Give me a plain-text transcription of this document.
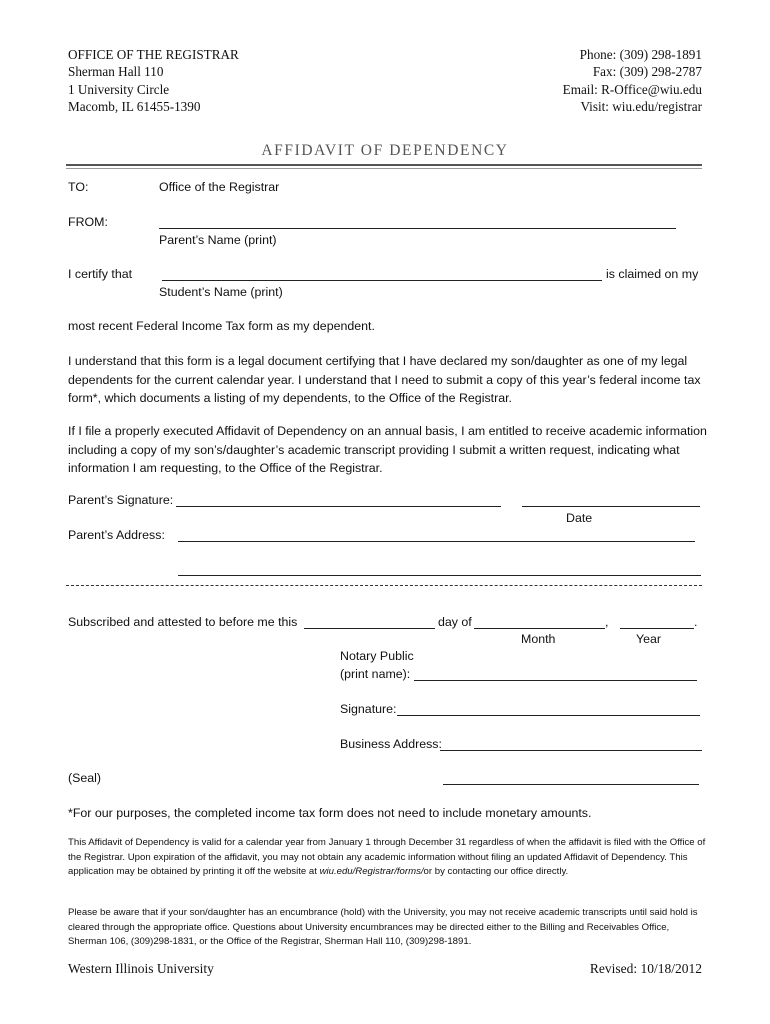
OFFICE OF THE REGISTRAR
Sherman Hall 110
1 University Circle
Macomb, IL 61455-1390
Phone: (309) 298-1891
Fax: (309) 298-2787
Email: R-Office@wiu.edu
Visit: wiu.edu/registrar
AFFIDAVIT OF DEPENDENCY
TO:	Office of the Registrar
FROM:
Parent’s Name (print)
I certify that	is claimed on my
Student’s Name (print)
most recent Federal Income Tax form as my dependent.
I understand that this form is a legal document certifying that I have declared my son/daughter as one of my legal dependents for the current calendar year. I understand that I need to submit a copy of this year’s federal income tax form*, which documents a listing of my dependents, to the Office of the Registrar.
If I file a properly executed Affidavit of Dependency on an annual basis, I am entitled to receive academic information including a copy of my son’s/daughter’s academic transcript providing I submit a written request, indicating what information I am requesting, to the Office of the Registrar.
Parent’s Signature:
Date
Parent’s Address:
Subscribed and attested to before me this	day of	,	.
Month	Year
Notary Public
(print name):
Signature:
Business Address:
(Seal)
*For our purposes, the completed income tax form does not need to include monetary amounts.
This Affidavit of Dependency is valid for a calendar year from January 1 through December 31 regardless of when the affidavit is filed with the Office of the Registrar. Upon expiration of the affidavit, you may not obtain any academic information without filing an updated Affidavit of Dependency. This application may be obtained by printing it off the website at wiu.edu/Registrar/forms/or by contacting our office directly.
Please be aware that if your son/daughter has an encumbrance (hold) with the University, you may not receive academic transcripts until said hold is cleared through the appropriate office. Questions about University encumbrances may be directed either to the Billing and Receivables Office, Sherman 106, (309)298-1831, or the Office of the Registrar, Sherman Hall 110, (309)298-1891.
Western Illinois University	Revised: 10/18/2012
